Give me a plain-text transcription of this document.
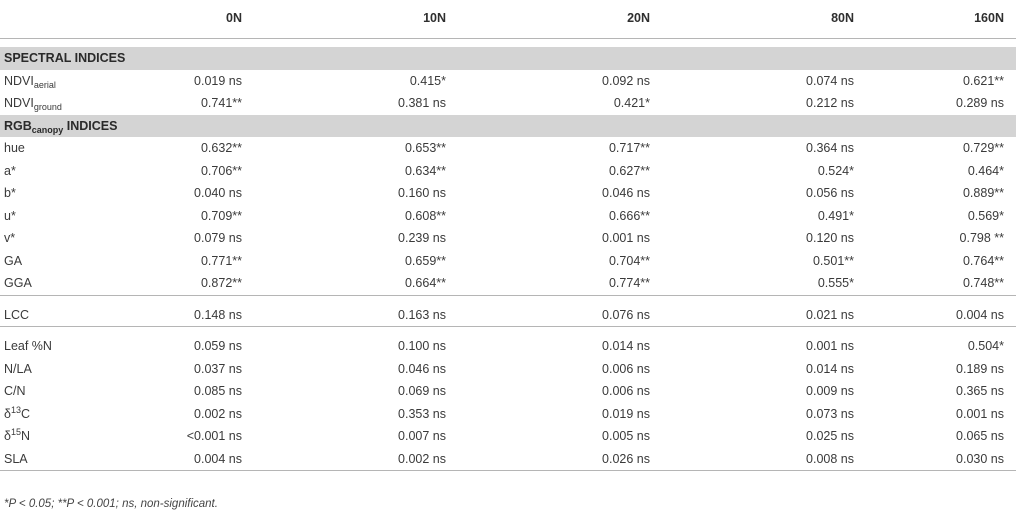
0N	10N	20N	80N	160N
SPECTRAL INDICES
$NDVI_{aerial}$	0.019 ns	0.415*	0.092 ns	0.074 ns	0.621**
$NDVI_{ground}$	0.741**	0.381 ns	0.421*	0.212 ns	0.289 ns
$RGB_{canopy}$ INDICES
hue	0.632**	0.653**	0.717**	0.364 ns	0.729**
a*	0.706**	0.634**	0.627**	0.524*	0.464*
b*	0.040 ns	0.160 ns	0.046 ns	0.056 ns	0.889**
u*	0.709**	0.608**	0.666**	0.491*	0.569*
v*	0.079 ns	0.239 ns	0.001 ns	0.120 ns	0.798 **
GA	0.771**	0.659**	0.704**	0.501**	0.764**
GGA	0.872**	0.664**	0.774**	0.555*	0.748**
LCC	0.148 ns	0.163 ns	0.076 ns	0.021 ns	0.004 ns
Leaf %N	0.059 ns	0.100 ns	0.014 ns	0.001 ns	0.504*
N/LA	0.037 ns	0.046 ns	0.006 ns	0.014 ns	0.189 ns
C/N	0.085 ns	0.069 ns	0.006 ns	0.009 ns	0.365 ns
$\delta^{13}C$	0.002 ns	0.353 ns	0.019 ns	0.073 ns	0.001 ns
$\delta^{15}N$	<0.001 ns	0.007 ns	0.005 ns	0.025 ns	0.065 ns
SLA	0.004 ns	0.002 ns	0.026 ns	0.008 ns	0.030 ns
*P < 0.05; **P < 0.001; ns, non-significant.
